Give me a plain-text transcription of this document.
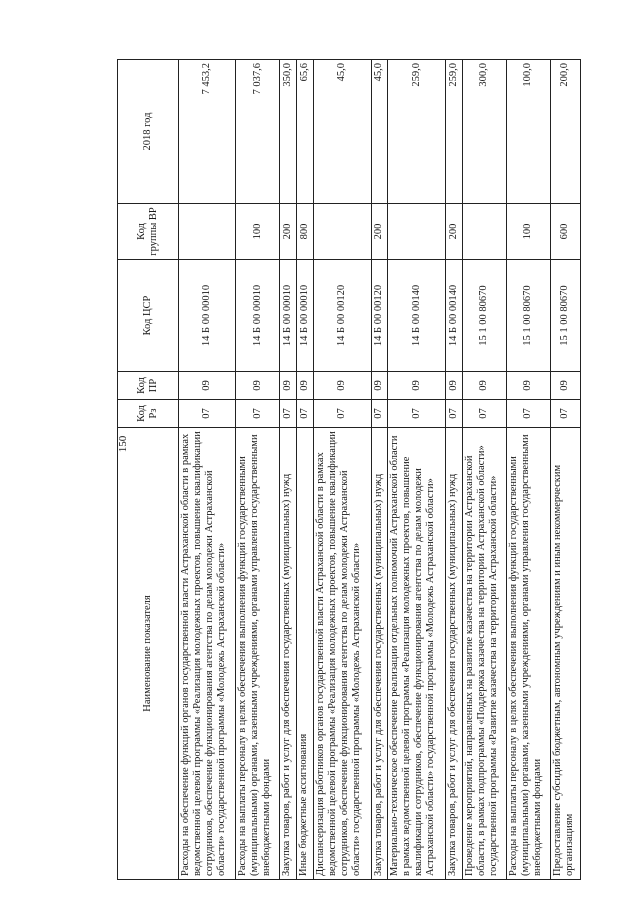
150
Наименование показателя	Код Рз	Код ПР	Код ЦСР	Код группы ВР	2018 год
Расходы на обеспечение функций органов государственной власти Астраханской области в рамках ведомственной целевой программы «Реализация молодежных проектов, повышение квалификации сотрудников, обеспечение функционирования агентства по делам молодежи Астраханской области» государственной программы «Молодежь Астраханской области»	07	09	14 Б 00 00010		7 453,2
Расходы на выплаты персоналу в целях обеспечения выполнения функций государственными (муниципальными) органами, казенными учреждениями, органами управления государственными внебюджетными фондами	07	09	14 Б 00 00010	100	7 037,6
Закупка товаров, работ и услуг для обеспечения государственных (муниципальных) нужд	07	09	14 Б 00 00010	200	350,0
Иные бюджетные ассигнования	07	09	14 Б 00 00010	800	65,6
Диспансеризация работников органов государственной власти Астраханской области в рамках ведомственной целевой программы «Реализация молодежных проектов, повышение квалификации сотрудников, обеспечение функционирования агентства по делам молодежи Астраханской области» государственной программы «Молодежь Астраханской области»	07	09	14 Б 00 00120		45,0
Закупка товаров, работ и услуг для обеспечения государственных (муниципальных) нужд	07	09	14 Б 00 00120	200	45,0
Материально-техническое обеспечение реализации отдельных полномочий Астраханской области в рамках ведомственной целевой программы «Реализация молодежных проектов, повышение квалификации сотрудников, обеспечение функционирования агентства по делам молодежи Астраханской области» государственной программы «Молодежь Астраханской области»	07	09	14 Б 00 00140		259,0
Закупка товаров, работ и услуг для обеспечения государственных (муниципальных) нужд	07	09	14 Б 00 00140	200	259,0
Проведение мероприятий, направленных на развитие казачества на территории Астраханской области, в рамках подпрограммы «Поддержка казачества на территории Астраханской области» государственной программы «Развитие казачества на территории Астраханской области»	07	09	15 1 00 80670		300,0
Расходы на выплаты персоналу в целях обеспечения выполнения функций государственными (муниципальными) органами, казенными учреждениями, органами управления государственными внебюджетными фондами	07	09	15 1 00 80670	100	100,0
Предоставление субсидий бюджетным, автономным учреждениям и иным некоммерческим организациям	07	09	15 1 00 80670	600	200,0
